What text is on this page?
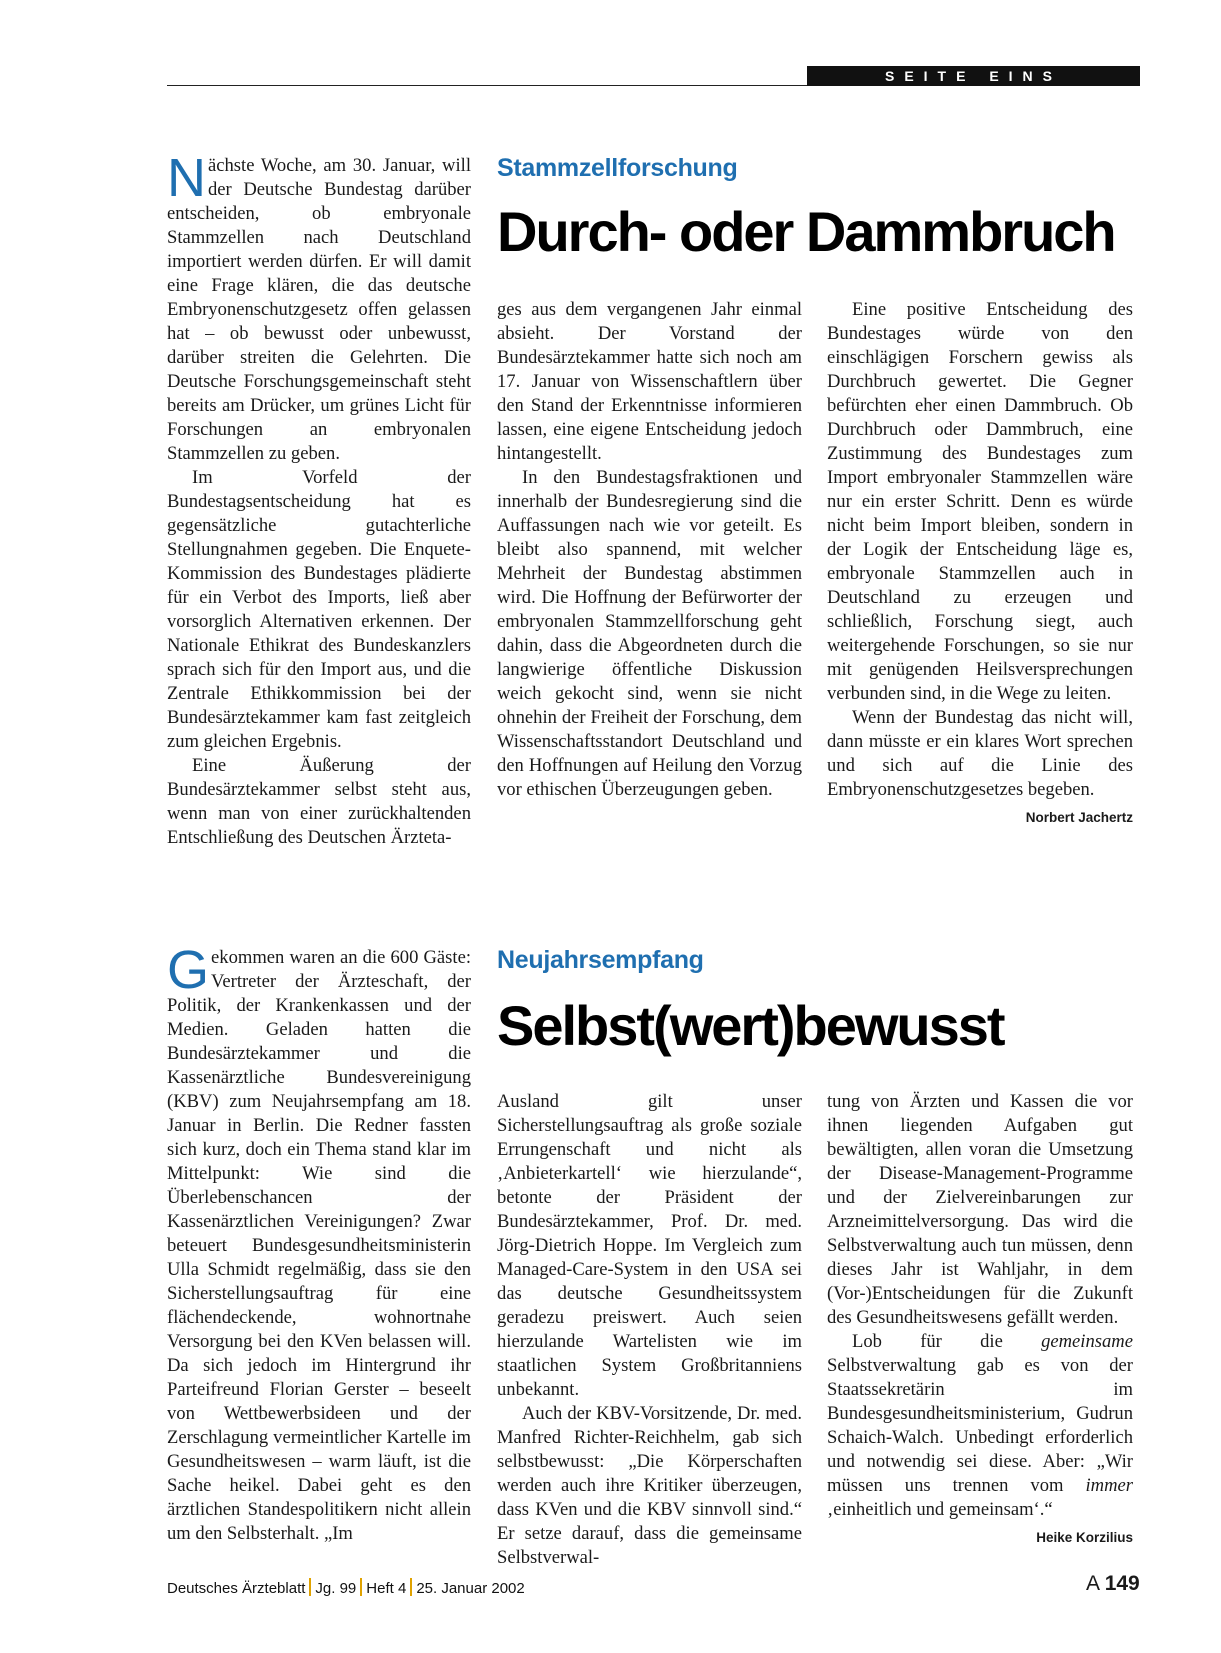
SEITE EINS
Stammzellforschung
Durch- oder Dammbruch

Nächste Woche, am 30. Januar, will der Deutsche Bundestag darüber entscheiden, ob embryonale Stammzellen nach Deutschland importiert werden dürfen. Er will damit eine Frage klären, die das deutsche Embryonenschutzgesetz offen gelassen hat – ob bewusst oder unbewusst, darüber streiten die Gelehrten. Die Deutsche Forschungsgemeinschaft steht bereits am Drücker, um grünes Licht für Forschungen an embryonalen Stammzellen zu geben.

Im Vorfeld der Bundestagsentscheidung hat es gegensätzliche gutachterliche Stellungnahmen gegeben. Die Enquete-Kommission des Bundestages plädierte für ein Verbot des Imports, ließ aber vorsorglich Alternativen erkennen. Der Nationale Ethikrat des Bundeskanzlers sprach sich für den Import aus, und die Zentrale Ethikkommission bei der Bundesärztekammer kam fast zeitgleich zum gleichen Ergebnis.

Eine Äußerung der Bundesärztekammer selbst steht aus, wenn man von einer zurückhaltenden Entschließung des Deutschen Ärzteta-

ges aus dem vergangenen Jahr einmal absieht. Der Vorstand der Bundesärztekammer hatte sich noch am 17. Januar von Wissenschaftlern über den Stand der Erkenntnisse informieren lassen, eine eigene Entscheidung jedoch hintangestellt.

In den Bundestagsfraktionen und innerhalb der Bundesregierung sind die Auffassungen nach wie vor geteilt. Es bleibt also spannend, mit welcher Mehrheit der Bundestag abstimmen wird. Die Hoffnung der Befürworter der embryonalen Stammzellforschung geht dahin, dass die Abgeordneten durch die langwierige öffentliche Diskussion weich gekocht sind, wenn sie nicht ohnehin der Freiheit der Forschung, dem Wissenschaftsstandort Deutschland und den Hoffnungen auf Heilung den Vorzug vor ethischen Überzeugungen geben.

Eine positive Entscheidung des Bundestages würde von den einschlägigen Forschern gewiss als Durchbruch gewertet. Die Gegner befürchten eher einen Dammbruch. Ob Durchbruch oder Dammbruch, eine Zustimmung des Bundestages zum Import embryonaler Stammzellen wäre nur ein erster Schritt. Denn es würde nicht beim Import bleiben, sondern in der Logik der Entscheidung läge es, embryonale Stammzellen auch in Deutschland zu erzeugen und schließlich, Forschung siegt, auch weitergehende Forschungen, so sie nur mit genügenden Heilsversprechungen verbunden sind, in die Wege zu leiten.

Wenn der Bundestag das nicht will, dann müsste er ein klares Wort sprechen und sich auf die Linie des Embryonenschutzgesetzes begeben.
Norbert Jachertz

Neujahrsempfang
Selbst(wert)bewusst

Gekommen waren an die 600 Gäste: Vertreter der Ärzteschaft, der Politik, der Krankenkassen und der Medien. Geladen hatten die Bundesärztekammer und die Kassenärztliche Bundesvereinigung (KBV) zum Neujahrsempfang am 18. Januar in Berlin. Die Redner fassten sich kurz, doch ein Thema stand klar im Mittelpunkt: Wie sind die Überlebenschancen der Kassenärztlichen Vereinigungen? Zwar beteuert Bundesgesundheitsministerin Ulla Schmidt regelmäßig, dass sie den Sicherstellungsauftrag für eine flächendeckende, wohnortnahe Versorgung bei den KVen belassen will. Da sich jedoch im Hintergrund ihr Parteifreund Florian Gerster – beseelt von Wettbewerbsideen und der Zerschlagung vermeintlicher Kartelle im Gesundheitswesen – warm läuft, ist die Sache heikel. Dabei geht es den ärztlichen Standespolitikern nicht allein um den Selbsterhalt. „Im

Ausland gilt unser Sicherstellungsauftrag als große soziale Errungenschaft und nicht als ‚Anbieterkartell‘ wie hierzulande“, betonte der Präsident der Bundesärztekammer, Prof. Dr. med. Jörg-Dietrich Hoppe. Im Vergleich zum Managed-Care-System in den USA sei das deutsche Gesundheitssystem geradezu preiswert. Auch seien hierzulande Wartelisten wie im staatlichen System Großbritanniens unbekannt.

Auch der KBV-Vorsitzende, Dr. med. Manfred Richter-Reichhelm, gab sich selbstbewusst: „Die Körperschaften werden auch ihre Kritiker überzeugen, dass KVen und die KBV sinnvoll sind.“ Er setze darauf, dass die gemeinsame Selbstverwal-

tung von Ärzten und Kassen die vor ihnen liegenden Aufgaben gut bewältigten, allen voran die Umsetzung der Disease-Management-Programme und der Zielvereinbarungen zur Arzneimittelversorgung. Das wird die Selbstverwaltung auch tun müssen, denn dieses Jahr ist Wahljahr, in dem (Vor-)Entscheidungen für die Zukunft des Gesundheitswesens gefällt werden.

Lob für die gemeinsame Selbstverwaltung gab es von der Staatssekretärin im Bundesgesundheitsministerium, Gudrun Schaich-Walch. Unbedingt erforderlich und notwendig sei diese. Aber: „Wir müssen uns trennen vom immer ‚einheitlich und gemeinsam‘.“
Heike Korzilius

Deutsches Ärzteblatt Jg. 99 Heft 4 25. Januar 2002	A 149
